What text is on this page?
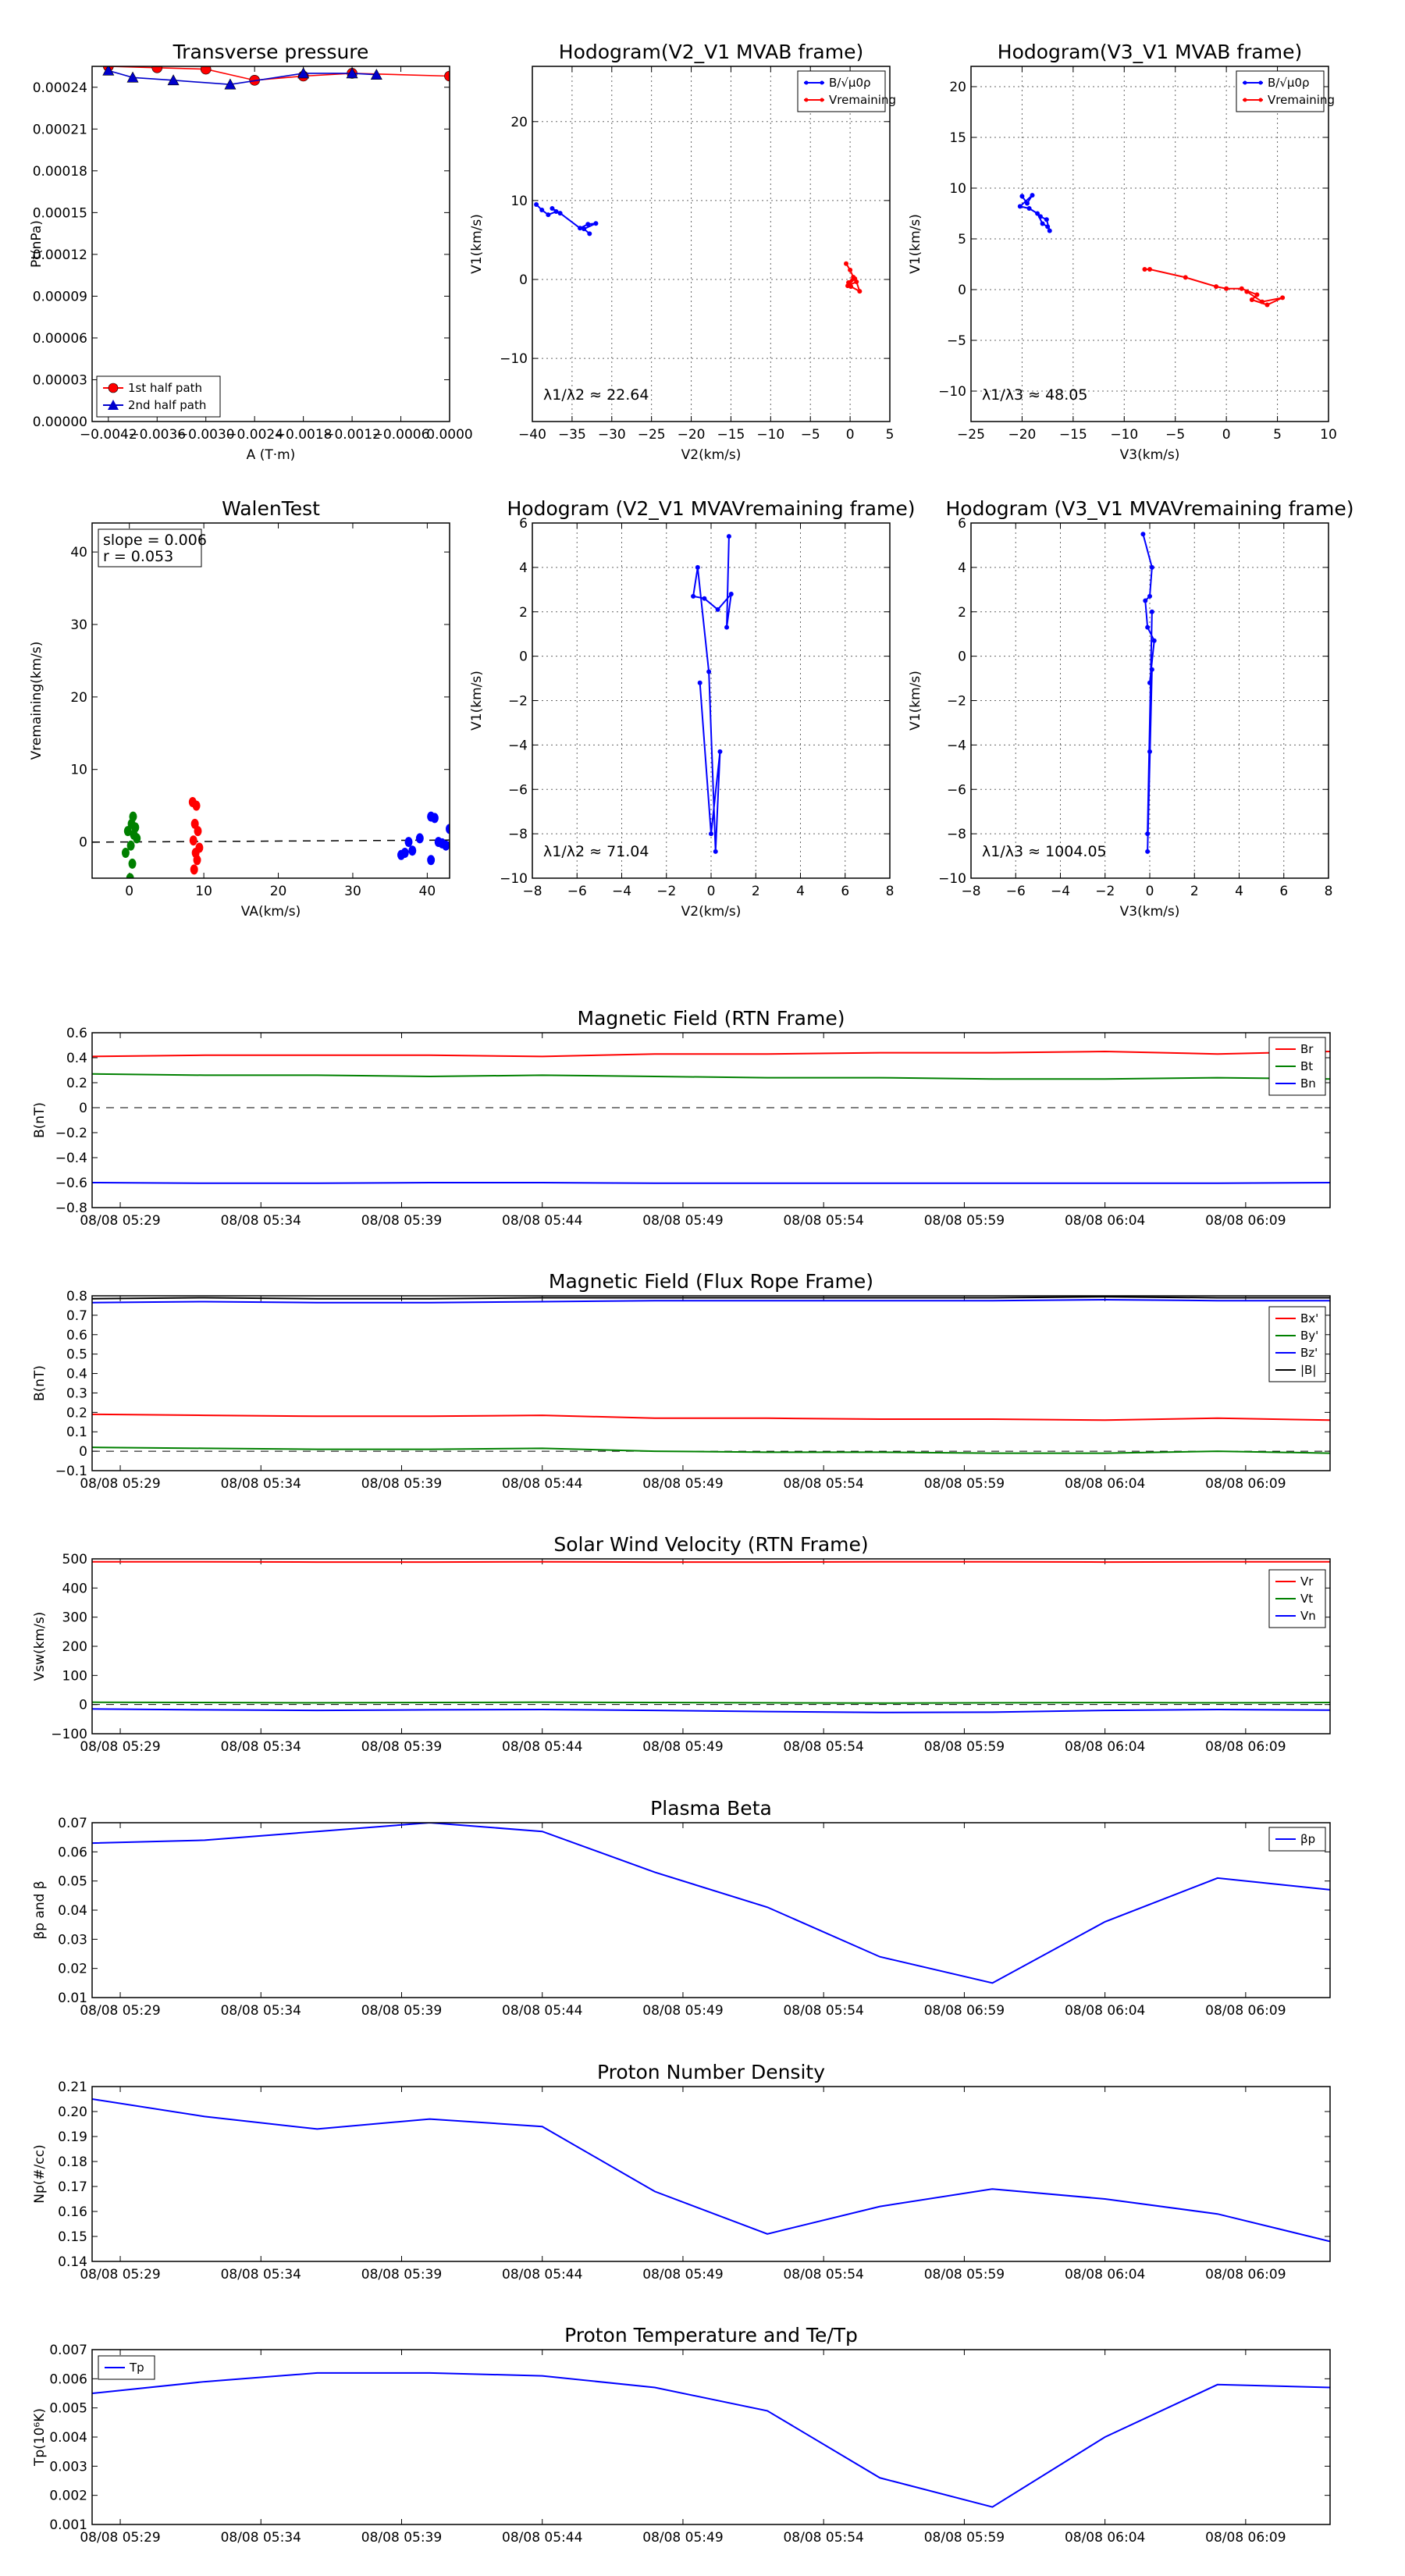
Transverse pressure
−0.0042
−0.0036
−0.0030
−0.0024
−0.0018
−0.0012
−0.0006
0.0000
0.00000
0.00003
0.00006
0.00009
0.00012
0.00015
0.00018
0.00021
0.00024
A (T·m)
Pt(nPa)
1st half path
2nd half path
Hodogram(V2_V1 MVAB frame)
−40 −35 −30 −25 −20 −15 −10 −5 0 5
−10
0
10
20
V2(km/s)
V1(km/s)
λ1/λ2 ≈ 22.64
B/√μ0ρ
Vremaining
Hodogram(V3_V1 MVAB frame)
−25 −20 −15 −10 −5	0	5	10
−10
−5
0
5
10
15
20
V3(km/s)
V1(km/s)
λ1/λ3 ≈ 48.05
B/√μ0ρ
Vremaining
WalenTest
0	10	20	30	40
0
10
20
30
40
VA(km/s)
Vremaining(km/s)
slope = 0.006
r = 0.053
Hodogram (V2_V1 MVAVremaining frame)
−8 −6 −4 −2 0	2	4	6	8
−10
−8
−6
−4
−2
0
2
4
6
V2(km/s)
V1(km/s)
λ1/λ2 ≈ 71.04
Hodogram (V3_V1 MVAVremaining frame)
−8 −6 −4 −2 0	2	4	6	8
−10
−8
−6
−4
−2
0
2
4
6
V3(km/s)
V1(km/s)
λ1/λ3 ≈ 1004.05
Magnetic Field (RTN Frame)
08/08 05:29	08/08 05:34	08/08 05:39	08/08 05:44	08/08 05:49	08/08 05:54	08/08 05:59	08/08 06:04	08/08 06:09
−0.8
−0.6
−0.4
−0.2
0
0.2
0.4
0.6
B(nT)
Br
Bt
Bn
Magnetic Field (Flux Rope Frame)
08/08 05:29	08/08 05:34	08/08 05:39	08/08 05:44	08/08 05:49	08/08 05:54	08/08 05:59	08/08 06:04	08/08 06:09
−0.1
0
0.1
0.2
0.3
0.4
0.5
0.6
0.7
0.8
B(nT)
Bx'
By'
Bz'
|B|
Solar Wind Velocity (RTN Frame)
08/08 05:29	08/08 05:34	08/08 05:39	08/08 05:44	08/08 05:49	08/08 05:54	08/08 05:59	08/08 06:04	08/08 06:09
−100
0
100
200
300
400
500
Vsw(km/s)
Vr
Vt
Vn
Plasma Beta
08/08 05:29	08/08 05:34	08/08 05:39	08/08 05:44	08/08 05:49	08/08 05:54	08/08 06:59	08/08 06:04	08/08 06:09
0.01
0.02
0.03
0.04
0.05
0.06
0.07
βp and β
βp
Proton Number Density
08/08 05:29	08/08 05:34	08/08 05:39	08/08 05:44	08/08 05:49	08/08 05:54	08/08 05:59	08/08 06:04	08/08 06:09
0.14
0.15
0.16
0.17
0.18
0.19
0.20
0.21
Np(#/cc)
Proton Temperature and Te/Tp
08/08 05:29	08/08 05:34	08/08 05:39	08/08 05:44	08/08 05:49	08/08 05:54	08/08 05:59	08/08 06:04	08/08 06:09
0.001
0.002
0.003
0.004
0.005
0.006
0.007
Tp(10⁶K)
Tp
